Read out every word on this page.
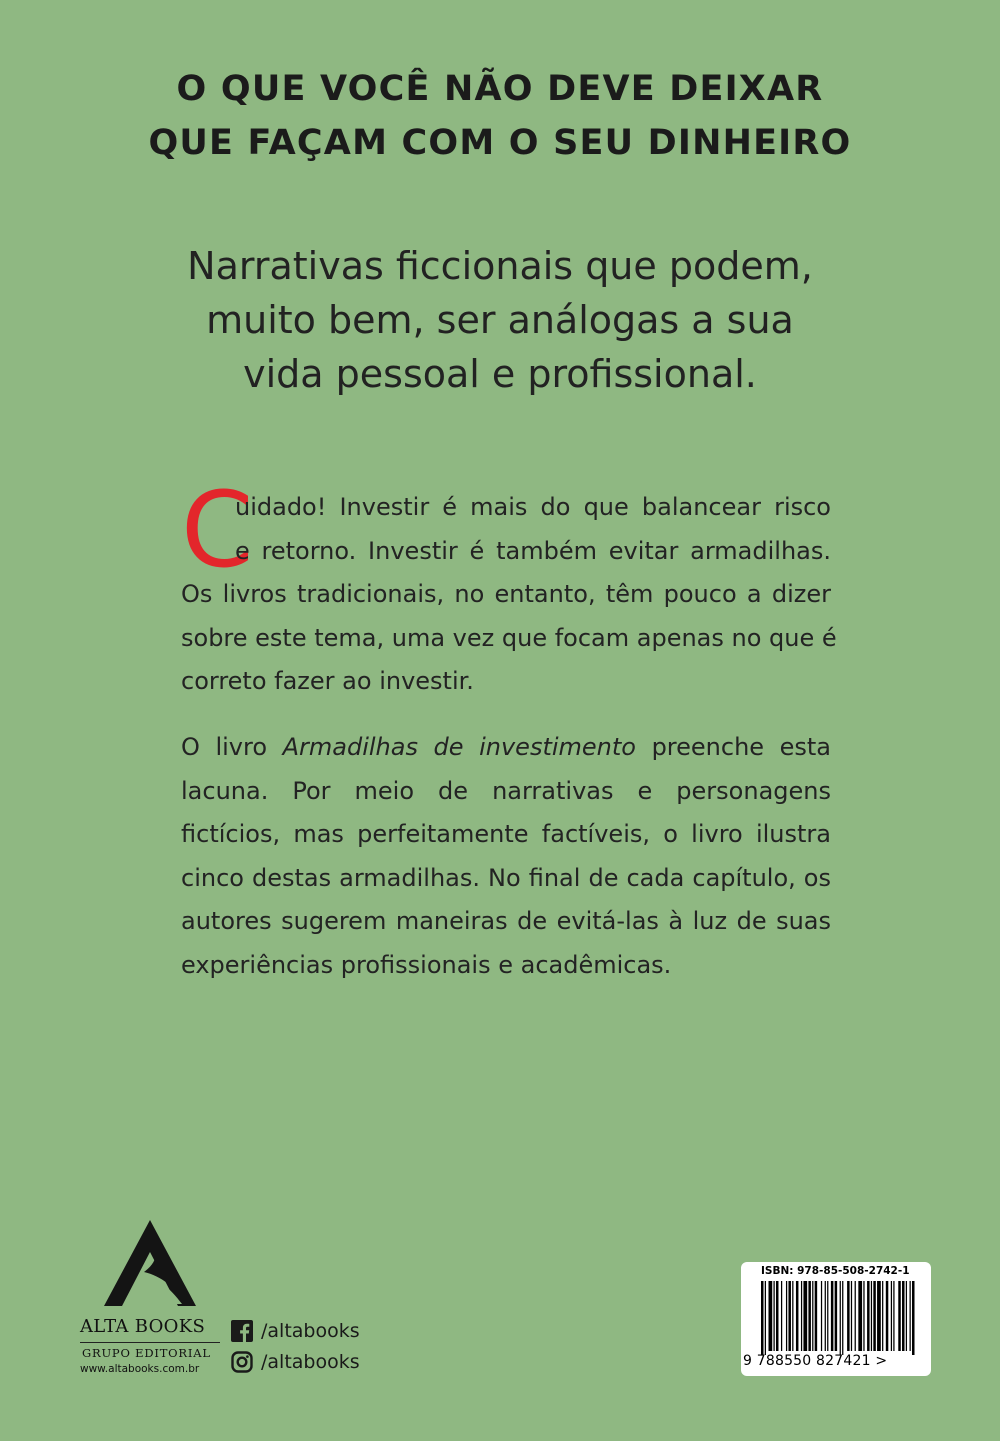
O QUE VOCÊ NÃO DEVE DEIXAR
QUE FAÇAM COM O SEU DINHEIRO
Narrativas ficcionais que podem,
muito bem, ser análogas a sua
vida pessoal e profissional.
C
uidado! Investir é mais do que balancear risco
e retorno. Investir é também evitar armadilhas.
Os livros tradicionais, no entanto, têm pouco a dizer
sobre este tema, uma vez que focam apenas no que é
correto fazer ao investir.
O livro Armadilhas de investimento preenche esta
lacuna. Por meio de narrativas e personagens
fictícios, mas perfeitamente factíveis, o livro ilustra
cinco destas armadilhas. No final de cada capítulo, os
autores sugerem maneiras de evitá-las à luz de suas
experiências profissionais e acadêmicas.
ALTA BOOKS
GRUPO EDITORIAL
www.altabooks.com.br
/altabooks
/altabooks
ISBN: 978-85-508-2742-1
9 788550 827421 >
